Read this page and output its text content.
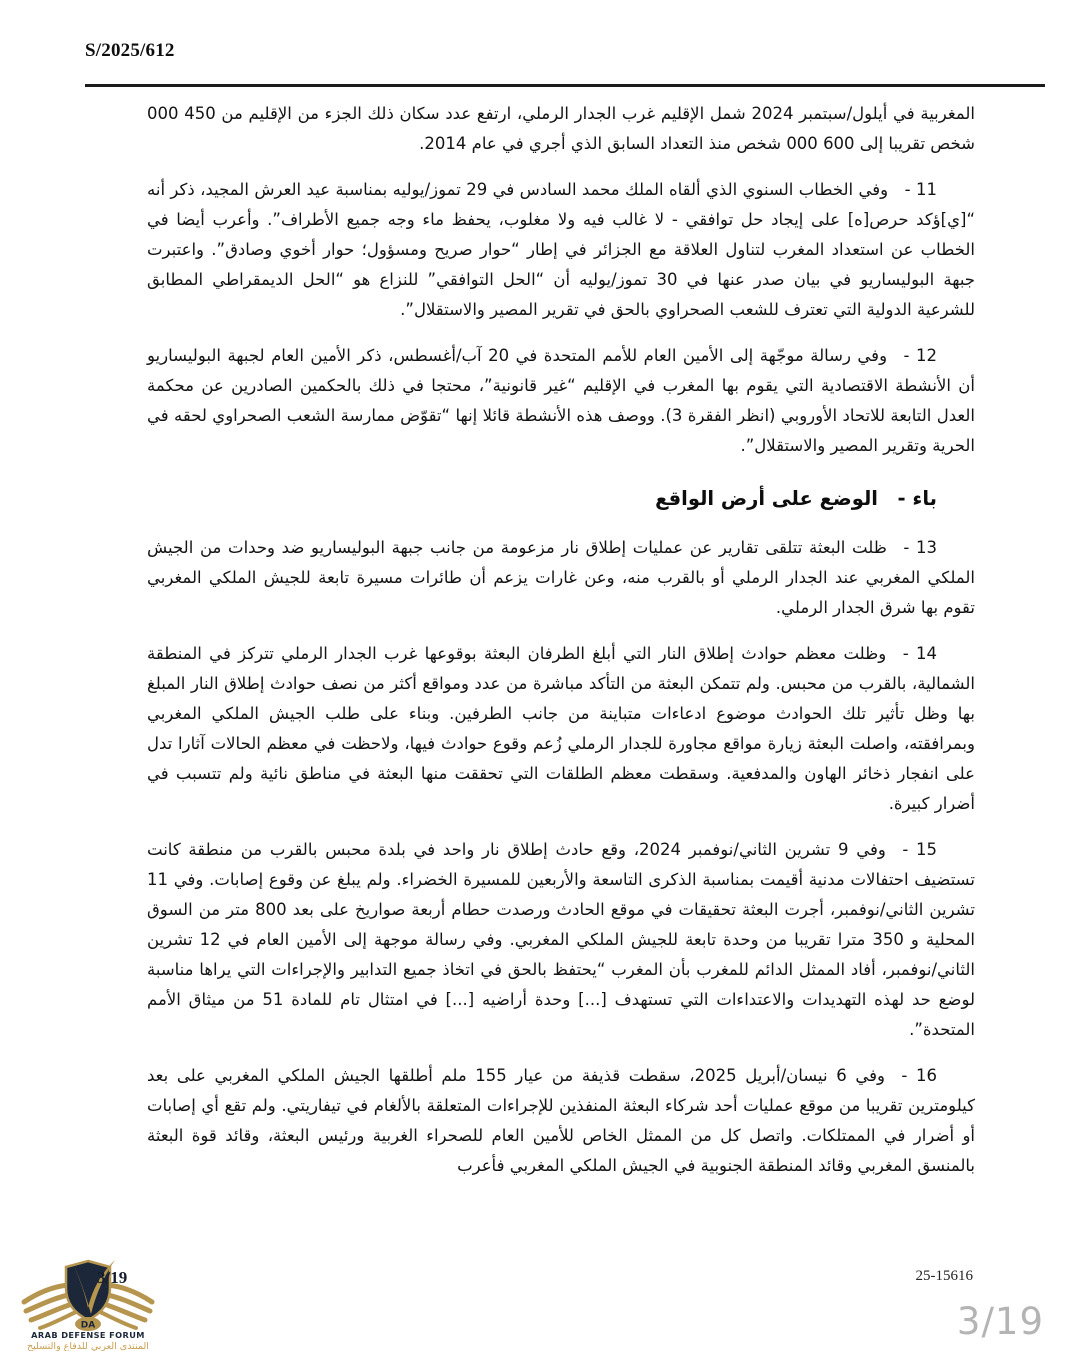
S/2025/612
المغربية في أيلول/سبتمبر 2024 شمل الإقليم غرب الجدار الرملي، ارتفع عدد سكان ذلك الجزء من الإقليم من 450 000 شخص تقريبا إلى 600 000 شخص منذ التعداد السابق الذي أجري في عام 2014.
11 - وفي الخطاب السنوي الذي ألقاه الملك محمد السادس في 29 تموز/يوليه بمناسبة عيد العرش المجيد، ذكر أنه “[ي]ؤكد حرص[ه] على إيجاد حل توافقي - لا غالب فيه ولا مغلوب، يحفظ ماء وجه جميع الأطراف”. وأعرب أيضا في الخطاب عن استعداد المغرب لتناول العلاقة مع الجزائر في إطار “حوار صريح ومسؤول؛ حوار أخوي وصادق”. واعتبرت جبهة البوليساريو في بيان صدر عنها في 30 تموز/يوليه أن “الحل التوافقي” للنزاع هو “الحل الديمقراطي المطابق للشرعية الدولية التي تعترف للشعب الصحراوي بالحق في تقرير المصير والاستقلال”.
12 - وفي رسالة موجّهة إلى الأمين العام للأمم المتحدة في 20 آب/أغسطس، ذكر الأمين العام لجبهة البوليساريو أن الأنشطة الاقتصادية التي يقوم بها المغرب في الإقليم “غير قانونية”، محتجا في ذلك بالحكمين الصادرين عن محكمة العدل التابعة للاتحاد الأوروبي (انظر الفقرة 3). ووصف هذه الأنشطة قائلا إنها “تقوّض ممارسة الشعب الصحراوي لحقه في الحرية وتقرير المصير والاستقلال”.
باء - الوضع على أرض الواقع
13 - ظلت البعثة تتلقى تقارير عن عمليات إطلاق نار مزعومة من جانب جبهة البوليساريو ضد وحدات من الجيش الملكي المغربي عند الجدار الرملي أو بالقرب منه، وعن غارات يزعم أن طائرات مسيرة تابعة للجيش الملكي المغربي تقوم بها شرق الجدار الرملي.
14 - وظلت معظم حوادث إطلاق النار التي أبلغ الطرفان البعثة بوقوعها غرب الجدار الرملي تتركز في المنطقة الشمالية، بالقرب من محبس. ولم تتمكن البعثة من التأكد مباشرة من عدد ومواقع أكثر من نصف حوادث إطلاق النار المبلغ بها وظل تأثير تلك الحوادث موضوع ادعاءات متباينة من جانب الطرفين. وبناء على طلب الجيش الملكي المغربي وبمرافقته، واصلت البعثة زيارة مواقع مجاورة للجدار الرملي زُعم وقوع حوادث فيها، ولاحظت في معظم الحالات آثارا تدل على انفجار ذخائر الهاون والمدفعية. وسقطت معظم الطلقات التي تحققت منها البعثة في مناطق نائية ولم تتسبب في أضرار كبيرة.
15 - وفي 9 تشرين الثاني/نوفمبر 2024، وقع حادث إطلاق نار واحد في بلدة محبس بالقرب من منطقة كانت تستضيف احتفالات مدنية أقيمت بمناسبة الذكرى التاسعة والأربعين للمسيرة الخضراء. ولم يبلغ عن وقوع إصابات. وفي 11 تشرين الثاني/نوفمبر، أجرت البعثة تحقيقات في موقع الحادث ورصدت حطام أربعة صواريخ على بعد 800 متر من السوق المحلية و 350 مترا تقريبا من وحدة تابعة للجيش الملكي المغربي. وفي رسالة موجهة إلى الأمين العام في 12 تشرين الثاني/نوفمبر، أفاد الممثل الدائم للمغرب بأن المغرب “يحتفظ بالحق في اتخاذ جميع التدابير والإجراءات التي يراها مناسبة لوضع حد لهذه التهديدات والاعتداءات التي تستهدف [...] وحدة أراضيه [...] في امتثال تام للمادة 51 من ميثاق الأمم المتحدة”.
16 - وفي 6 نيسان/أبريل 2025، سقطت قذيفة من عيار 155 ملم أطلقها الجيش الملكي المغربي على بعد كيلومترين تقريبا من موقع عمليات أحد شركاء البعثة المنفذين للإجراءات المتعلقة بالألغام في تيفاريتي. ولم تقع أي إصابات أو أضرار في الممتلكات. واتصل كل من الممثل الخاص للأمين العام للصحراء الغربية ورئيس البعثة، وقائد قوة البعثة بالمنسق المغربي وقائد المنطقة الجنوبية في الجيش الملكي المغربي فأعرب
DA
ARAB DEFENSE FORUM
المنتدى العربي للدفاع والتسليح
3/19	25-15616
3/19
